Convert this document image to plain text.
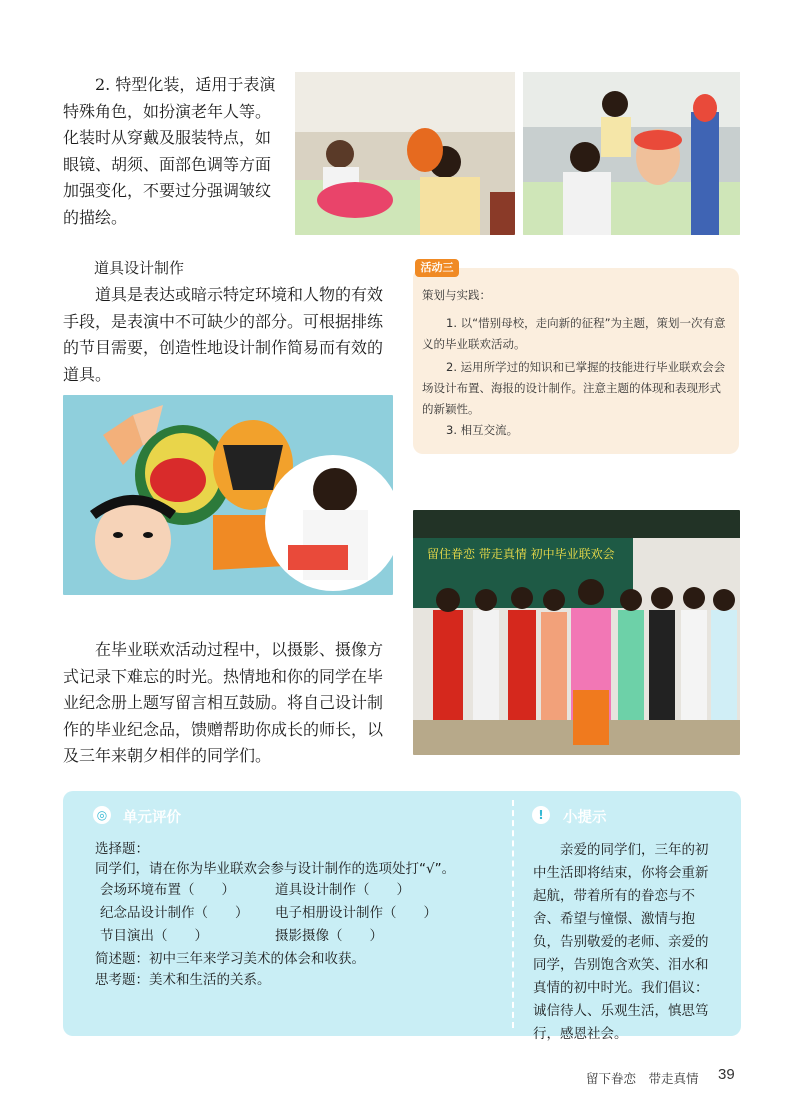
2. 特型化装，适用于表演特殊角色，如扮演老年人等。化装时从穿戴及服装特点，如眼镜、胡须、面部色调等方面加强变化，不要过分强调皱纹的描绘。
道具设计制作
道具是表达或暗示特定环境和人物的有效手段，是表演中不可缺少的部分。可根据排练的节目需要，创造性地设计制作简易而有效的道具。
活动三
策划与实践：
1. 以“惜别母校，走向新的征程”为主题，策划一次有意义的毕业联欢活动。
2. 运用所学过的知识和已掌握的技能进行毕业联欢会会场设计布置、海报的设计制作。注意主题的体现和表现形式的新颖性。
3. 相互交流。
留住眷恋 带走真情 初中毕业联欢会
在毕业联欢活动过程中，以摄影、摄像方式记录下难忘的时光。热情地和你的同学在毕业纪念册上题写留言相互鼓励。将自己设计制作的毕业纪念品，馈赠帮助你成长的师长，以及三年来朝夕相伴的同学们。
◎ 单元评价
选择题：
同学们，请在你为毕业联欢会参与设计制作的选项处打“√”。
会场环境布置（　　）	道具设计制作（　　）
纪念品设计制作（　　） 电子相册设计制作（　　）
节目演出（　　）	摄影摄像（　　）
简述题：初中三年来学习美术的体会和收获。
思考题：美术和生活的关系。
!	小提示
亲爱的同学们，三年的初中生活即将结束，你将会重新起航，带着所有的眷恋与不舍、希望与憧憬、激情与抱负，告别敬爱的老师、亲爱的同学，告别饱含欢笑、泪水和真情的初中时光。我们倡议：诚信待人、乐观生活，慎思笃行，感恩社会。
留下眷恋　带走真情 39
